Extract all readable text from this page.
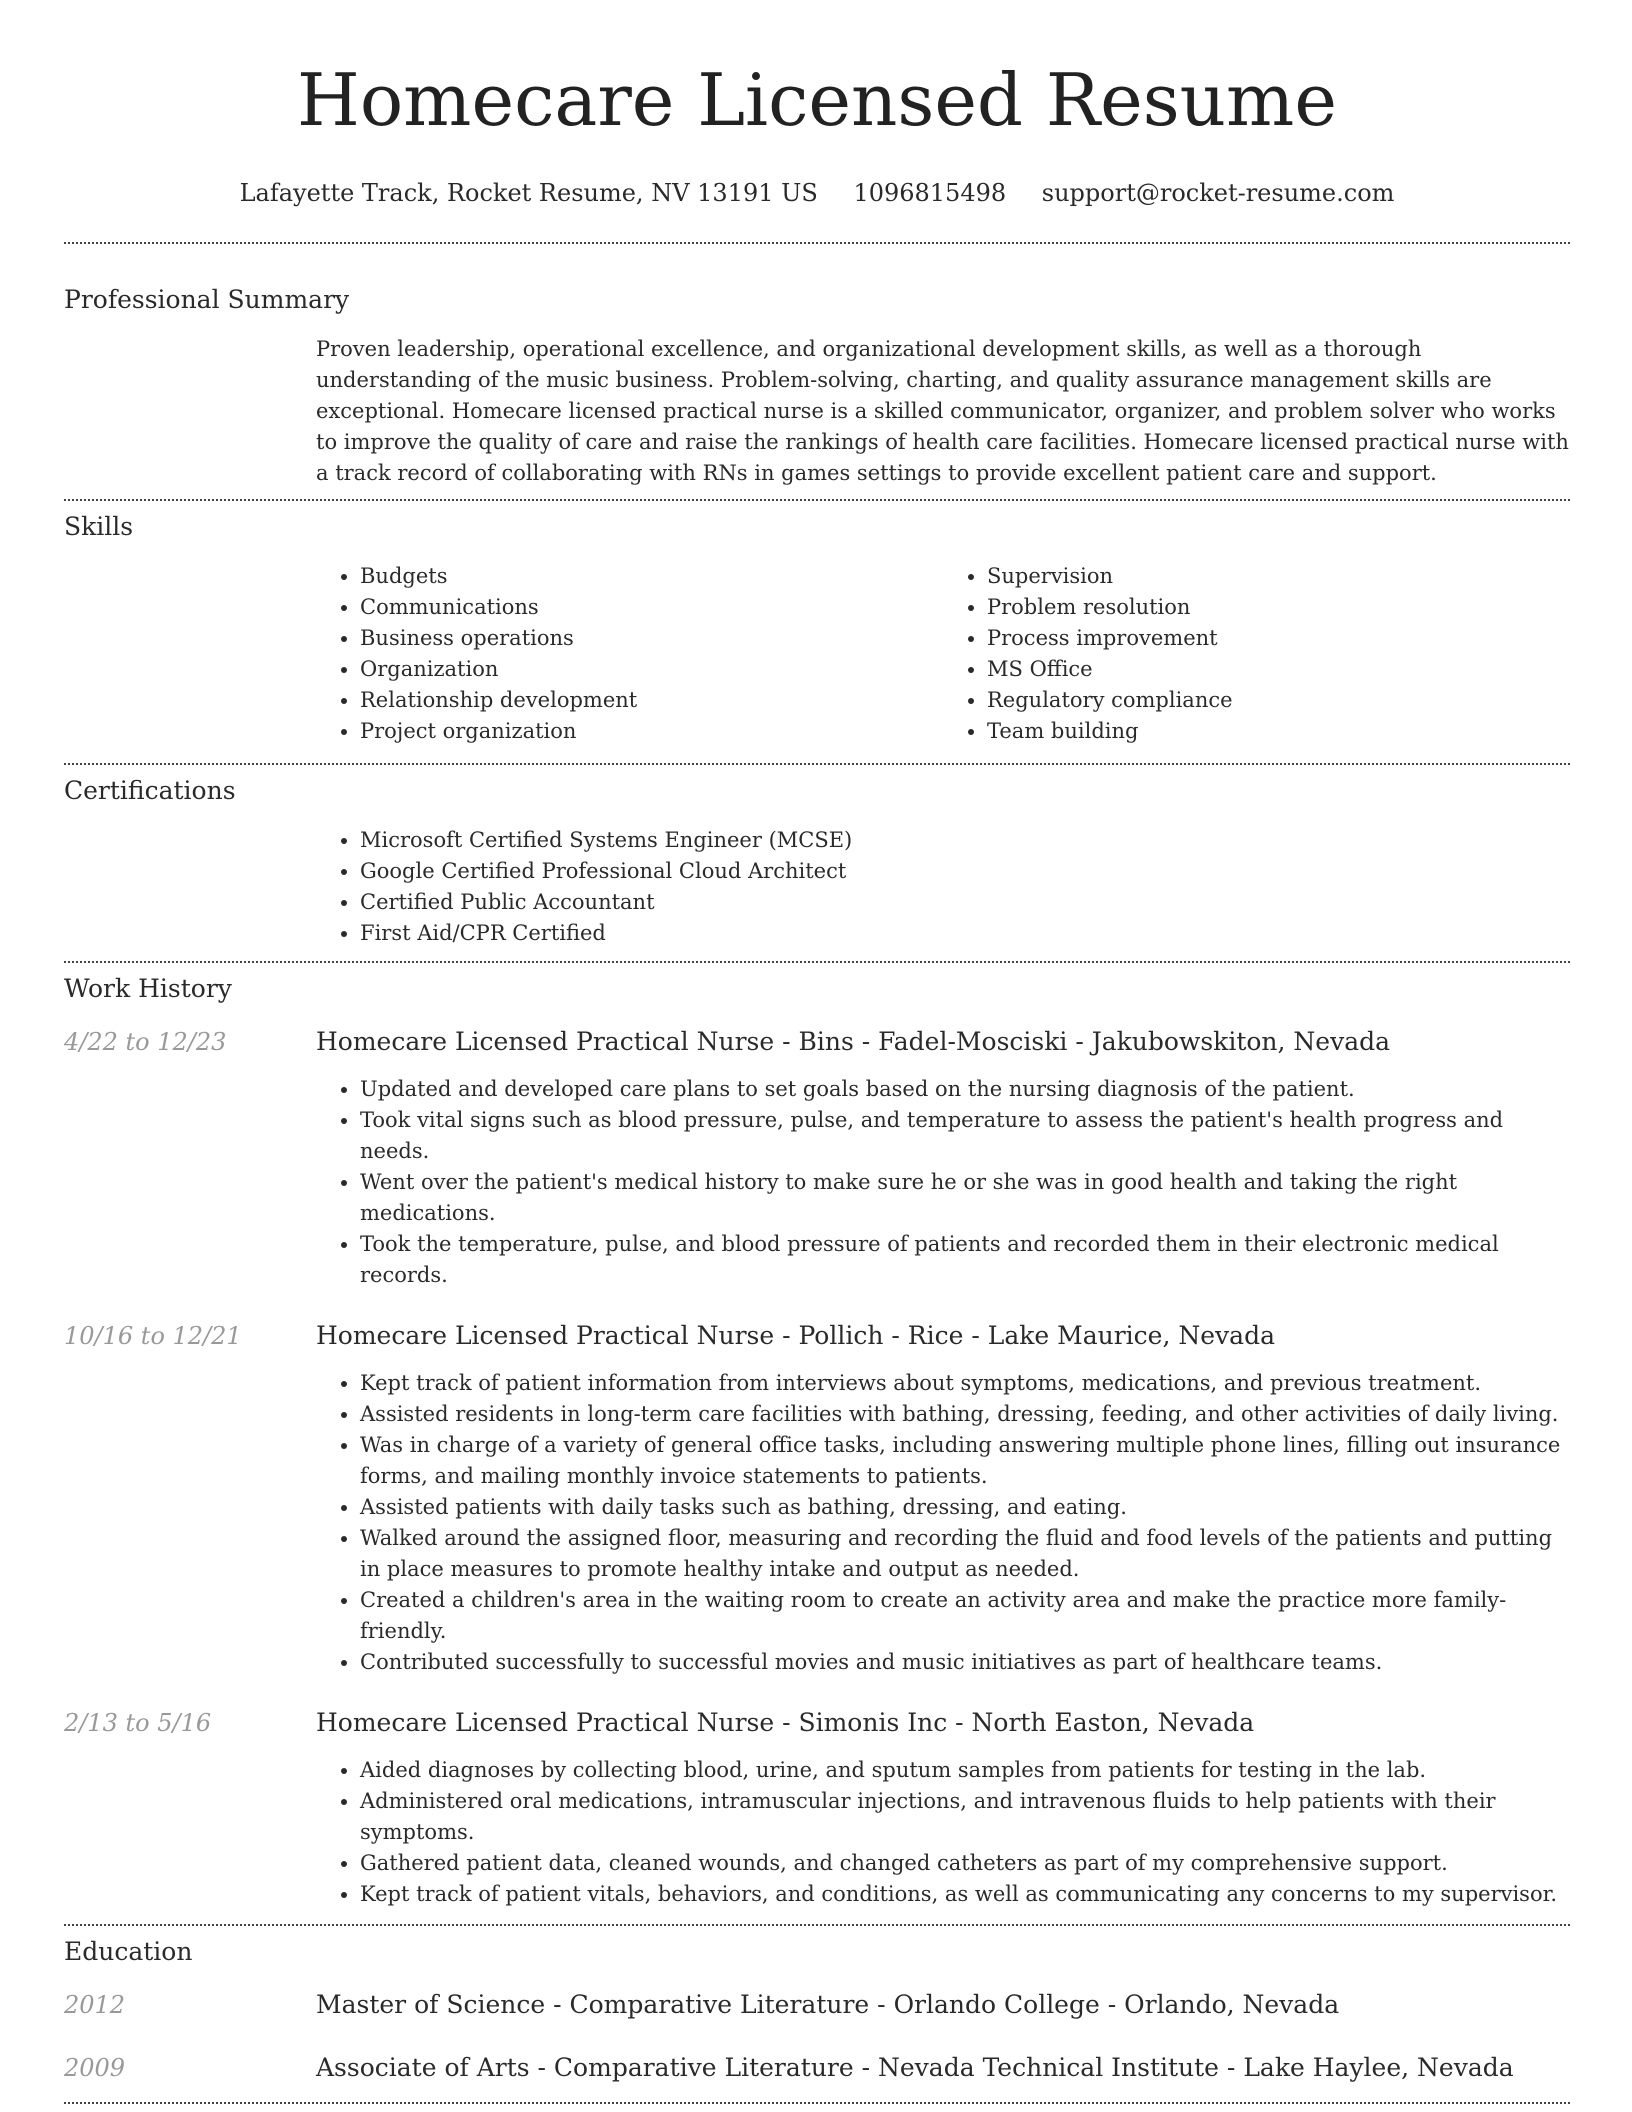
Homecare Licensed Resume
Lafayette Track, Rocket Resume, NV 13191 US 1096815498 support@rocket-resume.com
Professional Summary
Proven leadership, operational excellence, and organizational development skills, as well as a thorough understanding of the music business. Problem-solving, charting, and quality assurance management skills are exceptional. Homecare licensed practical nurse is a skilled communicator, organizer, and problem solver who works to improve the quality of care and raise the rankings of health care facilities. Homecare licensed practical nurse with a track record of collaborating with RNs in games settings to provide excellent patient care and support.
Skills
• Budgets
• Communications
• Business operations
• Organization
• Relationship development
• Project organization
• Supervision
• Problem resolution
• Process improvement
• MS Office
• Regulatory compliance
• Team building
Certifications
• Microsoft Certified Systems Engineer (MCSE)
• Google Certified Professional Cloud Architect
• Certified Public Accountant
• First Aid/CPR Certified
Work History
4/22 to 12/23	Homecare Licensed Practical Nurse - Bins - Fadel-Mosciski - Jakubowskiton, Nevada
• Updated and developed care plans to set goals based on the nursing diagnosis of the patient.
• Took vital signs such as blood pressure, pulse, and temperature to assess the patient's health progress and needs.
• Went over the patient's medical history to make sure he or she was in good health and taking the right medications.
• Took the temperature, pulse, and blood pressure of patients and recorded them in their electronic medical records.
10/16 to 12/21	Homecare Licensed Practical Nurse - Pollich - Rice - Lake Maurice, Nevada
• Kept track of patient information from interviews about symptoms, medications, and previous treatment.
• Assisted residents in long-term care facilities with bathing, dressing, feeding, and other activities of daily living.
• Was in charge of a variety of general office tasks, including answering multiple phone lines, filling out insurance forms, and mailing monthly invoice statements to patients.
• Assisted patients with daily tasks such as bathing, dressing, and eating.
• Walked around the assigned floor, measuring and recording the fluid and food levels of the patients and putting in place measures to promote healthy intake and output as needed.
• Created a children's area in the waiting room to create an activity area and make the practice more family-friendly.
• Contributed successfully to successful movies and music initiatives as part of healthcare teams.
2/13 to 5/16	Homecare Licensed Practical Nurse - Simonis Inc - North Easton, Nevada
• Aided diagnoses by collecting blood, urine, and sputum samples from patients for testing in the lab.
• Administered oral medications, intramuscular injections, and intravenous fluids to help patients with their symptoms.
• Gathered patient data, cleaned wounds, and changed catheters as part of my comprehensive support.
• Kept track of patient vitals, behaviors, and conditions, as well as communicating any concerns to my supervisor.
Education
2012	Master of Science - Comparative Literature - Orlando College - Orlando, Nevada
2009	Associate of Arts - Comparative Literature - Nevada Technical Institute - Lake Haylee, Nevada
